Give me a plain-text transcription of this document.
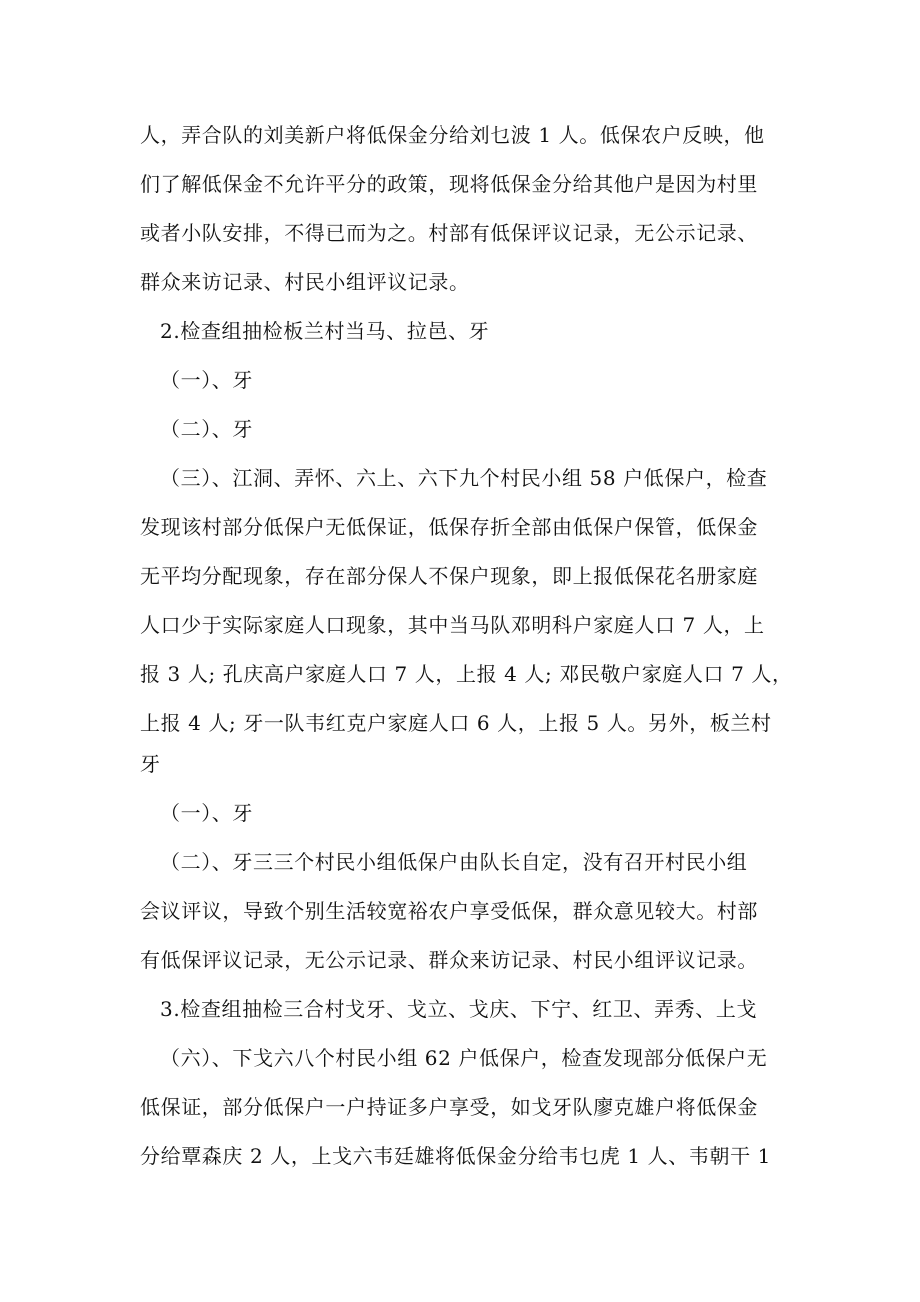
人，弄合队的刘美新户将低保金分给刘乜波 1 人。低保农户反映，他
们了解低保金不允许平分的政策，现将低保金分给其他户是因为村里
或者小队安排，不得已而为之。村部有低保评议记录，无公示记录、
群众来访记录、村民小组评议记录。
2.检查组抽检板兰村当马、拉邑、牙
（一）、牙
（二）、牙
（三）、江洞、弄怀、六上、六下九个村民小组 58 户低保户，检查
发现该村部分低保户无低保证，低保存折全部由低保户保管，低保金
无平均分配现象，存在部分保人不保户现象，即上报低保花名册家庭
人口少于实际家庭人口现象，其中当马队邓明科户家庭人口 7 人，上
报 3 人; 孔庆高户家庭人口 7 人，上报 4 人; 邓民敬户家庭人口 7 人，
上报 4 人; 牙一队韦红克户家庭人口 6 人，上报 5 人。另外，板兰村
牙
（一）、牙
（二）、牙三三个村民小组低保户由队长自定，没有召开村民小组
会议评议，导致个别生活较宽裕农户享受低保，群众意见较大。村部
有低保评议记录，无公示记录、群众来访记录、村民小组评议记录。
3.检查组抽检三合村戈牙、戈立、戈庆、下宁、红卫、弄秀、上戈
（六）、下戈六八个村民小组 62 户低保户，检查发现部分低保户无
低保证，部分低保户一户持证多户享受，如戈牙队廖克雄户将低保金
分给覃森庆 2 人，上戈六韦廷雄将低保金分给韦乜虎 1 人、韦朝干 1
